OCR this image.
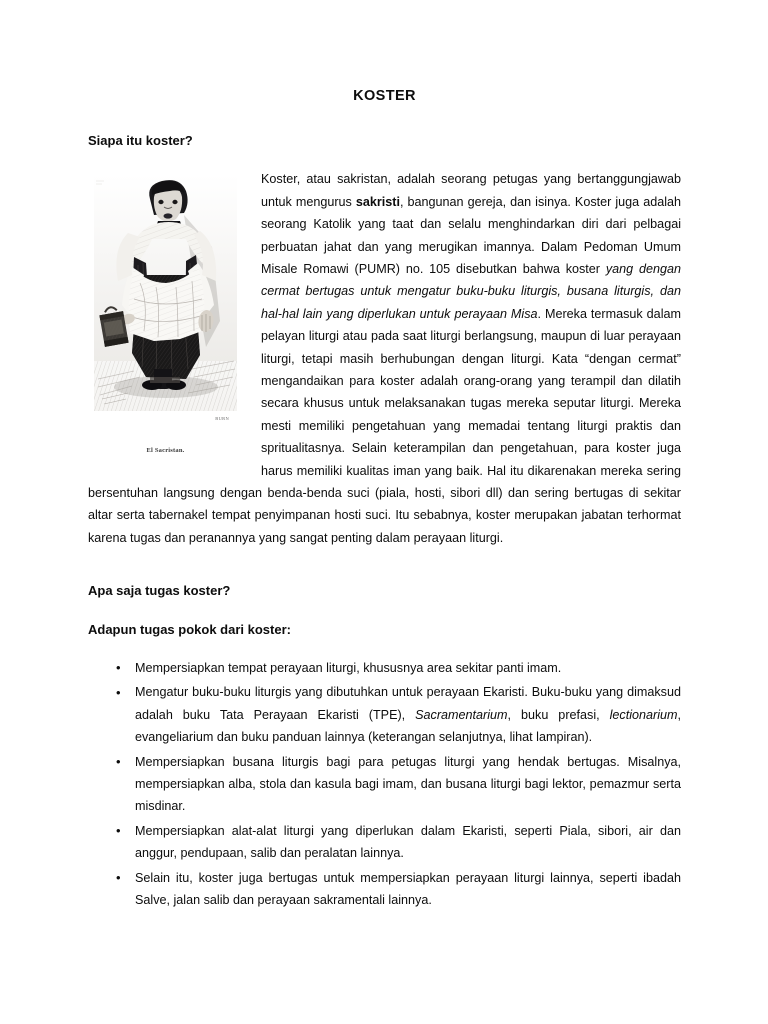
KOSTER
Siapa itu koster?
BURN
El Sacristan.

Koster, atau sakristan, adalah seorang petugas yang bertanggungjawab untuk mengurus sakristi, bangunan gereja, dan isinya. Koster juga adalah seorang Katolik yang taat dan selalu menghindarkan diri dari pelbagai perbuatan jahat dan yang merugikan imannya. Dalam Pedoman Umum Misale Romawi (PUMR) no. 105 disebutkan bahwa koster yang dengan cermat bertugas untuk mengatur buku-buku liturgis, busana liturgis, dan hal-hal lain yang diperlukan untuk perayaan Misa. Mereka termasuk dalam pelayan liturgi atau pada saat liturgi berlangsung, maupun di luar perayaan liturgi, tetapi masih berhubungan dengan liturgi. Kata “dengan cermat” mengandaikan para koster adalah orang-orang yang terampil dan dilatih secara khusus untuk melaksanakan tugas mereka seputar liturgi. Mereka mesti memiliki pengetahuan yang memadai tentang liturgi praktis dan spritualitasnya. Selain keterampilan dan pengetahuan, para koster juga harus memiliki kualitas iman yang baik. Hal itu dikarenakan mereka sering bersentuhan langsung dengan benda-benda suci (piala, hosti, sibori dll) dan sering bertugas di sekitar altar serta tabernakel tempat penyimpanan hosti suci. Itu sebabnya, koster merupakan jabatan terhormat karena tugas dan peranannya yang sangat penting dalam perayaan liturgi.

Apa saja tugas koster?
Adapun tugas pokok dari koster:
• Mempersiapkan tempat perayaan liturgi, khususnya area sekitar panti imam.
• Mengatur buku-buku liturgis yang dibutuhkan untuk perayaan Ekaristi. Buku-buku yang dimaksud adalah buku Tata Perayaan Ekaristi (TPE), Sacramentarium, buku prefasi, lectionarium, evangeliarium dan buku panduan lainnya (keterangan selanjutnya, lihat lampiran).
• Mempersiapkan busana liturgis bagi para petugas liturgi yang hendak bertugas. Misalnya, mempersiapkan alba, stola dan kasula bagi imam, dan busana liturgi bagi lektor, pemazmur serta misdinar.
• Mempersiapkan alat-alat liturgi yang diperlukan dalam Ekaristi, seperti Piala, sibori, air dan anggur, pendupaan, salib dan peralatan lainnya.
• Selain itu, koster juga bertugas untuk mempersiapkan perayaan liturgi lainnya, seperti ibadah Salve, jalan salib dan perayaan sakramentali lainnya.
